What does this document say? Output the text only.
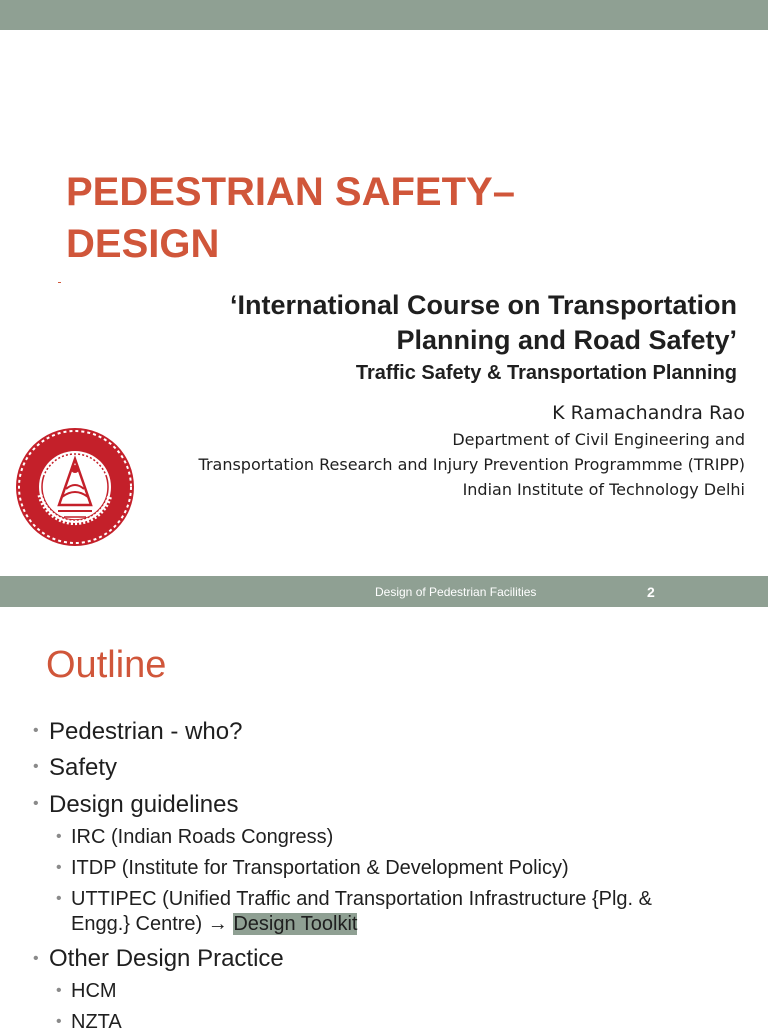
PEDESTRIAN SAFETY–
DESIGN
‘International Course on Transportation
Planning and Road Safety’
Traffic Safety & Transportation Planning
K Ramachandra Rao
Department of Civil Engineering and
Transportation Research and Injury Prevention Programmme (TRIPP)
Indian Institute of Technology Delhi
Design of Pedestrian Facilities	2
Outline
• Pedestrian - who?
• Safety
• Design guidelines
• IRC (Indian Roads Congress)
• ITDP (Institute for Transportation & Development Policy)
• UTTIPEC (Unified Traffic and Transportation Infrastructure {Plg. &
Engg.} Centre) → Design Toolkit
• Other Design Practice
• HCM
• NZTA
